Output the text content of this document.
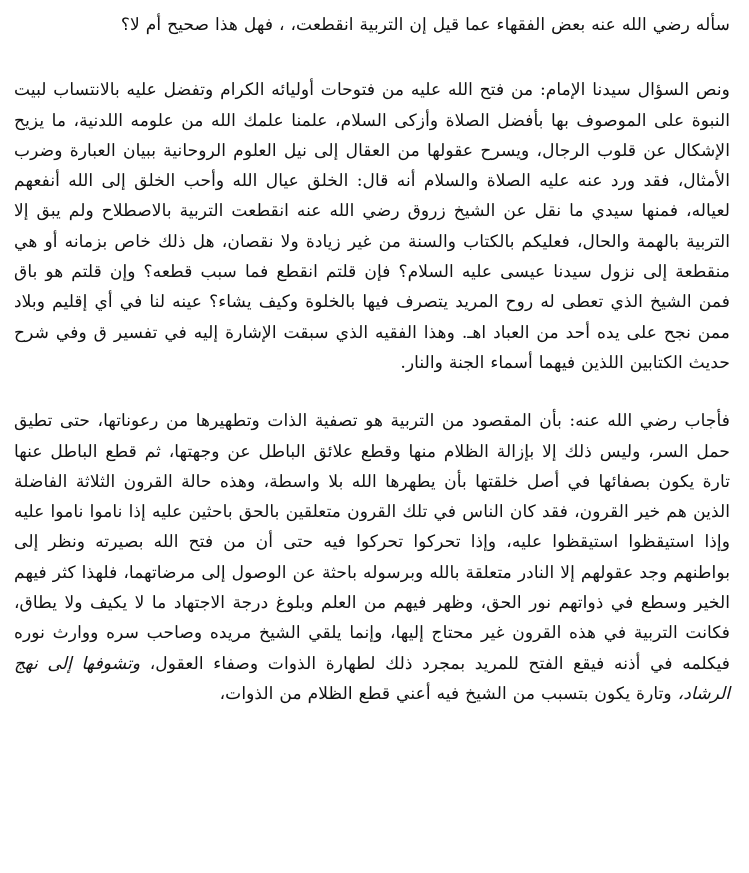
سأله رضي الله عنه بعض الفقهاء عما قيل إن التربية انقطعت، ، فهل هذا صحيح أم لا؟

ونص السؤال سيدنا الإمام: من فتح الله عليه من فتوحات أوليائه الكرام وتفضل عليه بالانتساب لبيت النبوة على الموصوف بها بأفضل الصلاة وأزكى السلام، علمنا علمك الله من علومه اللدنية، ما يزيح الإشكال عن قلوب الرجال، ويسرح عقولها من العقال إلى نيل العلوم الروحانية ببيان العبارة وضرب الأمثال، فقد ورد عنه عليه الصلاة والسلام أنه قال: الخلق عيال الله وأحب الخلق إلى الله أنفعهم لعياله، فمنها سيدي ما نقل عن الشيخ زروق رضي الله عنه انقطعت التربية بالاصطلاح ولم يبق إلا التربية بالهمة والحال، فعليكم بالكتاب والسنة من غير زيادة ولا نقصان، هل ذلك خاص بزمانه أو هي منقطعة إلى نزول سيدنا عيسى عليه السلام؟ فإن قلتم انقطع فما سبب قطعه؟ وإن قلتم هو باق فمن الشيخ الذي تعطى له روح المريد يتصرف فيها بالخلوة وكيف يشاء؟ عينه لنا في أي إقليم وبلاد ممن نجح على يده أحد من العباد اهـ. وهذا الفقيه الذي سبقت الإشارة إليه في تفسير ق وفي شرح حديث الكتابين اللذين فيهما أسماء الجنة والنار.

فأجاب رضي الله عنه: بأن المقصود من التربية هو تصفية الذات وتطهيرها من رعوناتها، حتى تطيق حمل السر، وليس ذلك إلا بإزالة الظلام منها وقطع علائق الباطل عن وجهتها، ثم قطع الباطل عنها تارة يكون بصفائها في أصل خلقتها بأن يطهرها الله بلا واسطة، وهذه حالة القرون الثلاثة الفاضلة الذين هم خير القرون، فقد كان الناس في تلك القرون متعلقين بالحق باحثين عليه إذا ناموا ناموا عليه وإذا استيقظوا استيقظوا عليه، وإذا تحركوا تحركوا فيه حتى أن من فتح الله بصيرته ونظر إلى بواطنهم وجد عقولهم إلا النادر متعلقة بالله وبرسوله باحثة عن الوصول إلى مرضاتهما، فلهذا كثر فيهم الخير وسطع في ذواتهم نور الحق، وظهر فيهم من العلم وبلوغ درجة الاجتهاد ما لا يكيف ولا يطاق، فكانت التربية في هذه القرون غير محتاج إليها، وإنما يلقي الشيخ مريده وصاحب سره ووارث نوره فيكلمه في أذنه فيقع الفتح للمريد بمجرد ذلك لطهارة الذوات وصفاء العقول، وتشوفها إلى نهج الرشاد، وتارة يكون بتسبب من الشيخ فيه أعني قطع الظلام من الذوات،
